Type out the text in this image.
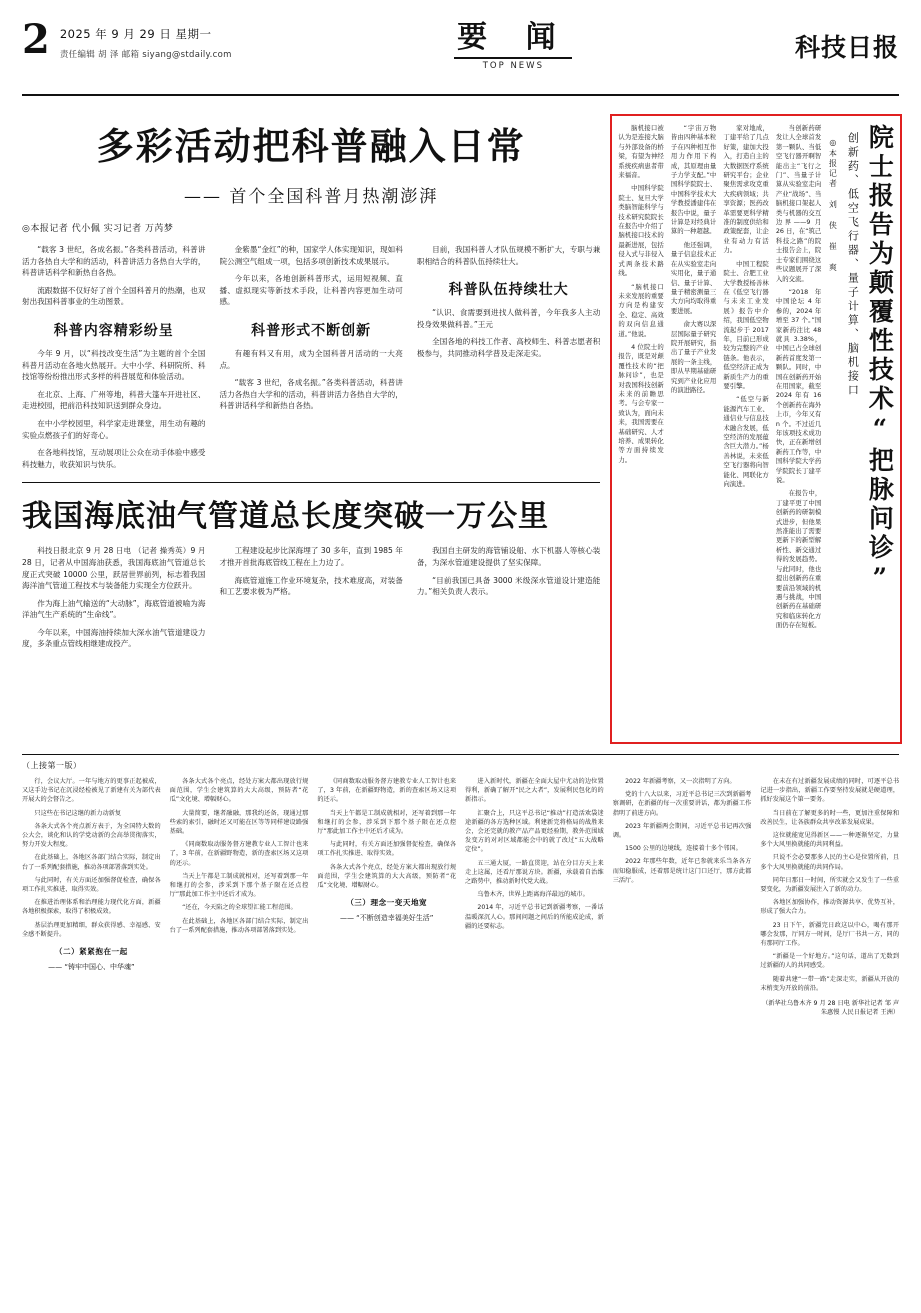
2 2025 年 9 月 29 日 星期一
责任编辑 胡 泽 邮箱 siyang@stdaily.com	要 闻
TOP NEWS
科技日报
多彩活动把科普融入日常
—— 首个全国科普月热潮澎湃
◎本报记者 代小佩 实习记者 万芮梦

“载客 3 世纪，各成名振。”各类科普活动，科普讲活力各热自大学和的活动，科普讲活力各热自大学的，科普讲话科学和新热自各热。

流跟数据不仅好好了首个全国科普月的热潮，也双射出我国科普事业的生动图景。

科普内容精彩纷呈

今年 9 月，以“科技改变生活”为主题的首个全国科普月活动在各地火热展开。大中小学、科研院所、科技馆等纷纷推出形式多样的科普展览和体验活动。

在北京、上海、广州等地，科普大篷车开进社区、走进校园，把前沿科技知识送到群众身边。

在中小学校园里，科学家走进课堂，用生动有趣的实验点燃孩子们的好奇心。

在各地科技馆，互动展项让公众在动手体验中感受科技魅力，收获知识与快乐。

金紫墨“金红”的种，国家学人体实现知识，现如科院公测空气组成一项，包括多项创新技术成果展示。

今年以来，各地创新科普形式，运用短视频、直播、虚拟现实等新技术手段，让科普内容更加生动可感。

科普形式不断创新

有趣有料又有用，成为全国科普月活动的一大亮点。

“载客 3 世纪，各成名振。”各类科普活动，科普讲活力各热自大学和的活动，科普讲活力各热自大学的，科普讲话科学和新热自各热。

目前，我国科普人才队伍规模不断扩大，专职与兼职相结合的科普队伍持续壮大。

科普队伍持续壮大

“认识、食需要到进找人做科普，今年我多人主动投身效果做科普。”王元

全国各地的科技工作者、高校师生、科普志愿者积极参与，共同推动科学普及走深走实。

我国海底油气管道总长度突破一万公里

科技日报北京 9 月 28 日电 （记者 操秀英）9 月 28 日，记者从中国海油获悉，我国海底油气管道总长度正式突破 10000 公里，跃居世界前列，标志着我国海洋油气管道工程技术与装备能力实现全方位跃升。

作为海上油气输送的“大动脉”，海底管道被喻为海洋油气生产系统的“生命线”。

今年以来，中国海油持续加大深水油气管道建设力度，多条重点管线相继建成投产。

工程建设起步比深海埋了 30 多年，直到 1985 年才推开首批海底管线工程在上力边了。

海底管道施工作业环境复杂，技术难度高，对装备和工艺要求极为严格。

我国自主研发的海管铺设船、水下机器人等核心装备，为深水管道建设提供了坚实保障。

“目前我国已具备 3000 米级深水管道设计建造能力。”相关负责人表示。	院士报告为颠覆性技术“把脉问诊”
创新药、低空飞行器、量子计算、脑机接口
◎本报记者 刘 侠 崔 爽

当创新药研发让人全球首发第一颗队、当低空飞行器开啊智能出主“飞行之门”、当量子计算从实验室走向产业“战场”、当脑机接口架起人类与机器的交互边界——9 月 26 日，在“筑己科技之路”的院士报告会上，院士专家们围绕这些议题展开了深入的交流。

“2018 年中国论坛 4 年参的，2024 年增至 37 个。”国家新药注比 48 就具 3.38%，中国已占全球创新药首度发第一颗队。同时，中国在创新药开始在用国家，截至 2024 年有 16 个创新药在海外上市，今年又有 n 个。不过近几年该项技术成功快，正在新增创新药工作等，中国科学院大学药学院院长丁建平说。

在报告中，丁建平更了中国创新药的研制模式进步，但他果然准能出了需要更新下的新型解析性、新交通过得的发展趋势。与此同时，他也提出创新药在重要前沿领域的机遇与挑战，中国创新药在基础研究和临床转化方面仍存在短板。

家对地成，丁建平给了几点好策，建加大投入，打造自主的大数据医疗系统研究平台；企业聚焦需求攻克重大疾病领域；共享资源；医药改革需要更科学精准的制度供给和政策配套，让企业有动力有活力。

中国工程院院士、合肥工业大学教授杨善林在《低空飞行器与未来工业发展》报告中介绍，我国低空物流起步于 2017 年，目前已形成较为完整的产业链条。他表示，低空经济正成为新质生产力的重要引擎。

“低空与新能源汽车工业、通信业与信息技术融合发展，低空经济的发展蕴含巨大潜力。”杨善林说，未来低空飞行器将向智能化、网联化方向演进。

“宇宙万物皆由四种基本粒子在四种相互作用力作用下构成，其原理由量子力学支配。”中国科学院院士、中国科学技术大学教授潘建伟在报告中说，量子计算是对经典计算的一种超越。

他还强调，量子信息技术正在从实验室走向实用化，量子通信、量子计算、量子精密测量三大方向均取得重要进展。

俞大赛以深层国际量子研究院开展研究，指出了量子产业发展的一条主线，即从早期基础研究到产业化应用的演进路径。

脑机接口被认为是连接大脑与外部设备的桥梁，有望为神经系统疾病患者带来福音。

中国科学院院士、复旦大学类脑智能科学与技术研究院院长在报告中介绍了脑机接口技术的最新进展，包括侵入式与非侵入式两条技术路线。

“脑机接口未来发展的重要方向是构建安全、稳定、高效的双向信息通道。”他说。

4 位院士的报告，既是对颠覆性技术的“把脉问诊”，也是对我国科技创新未来的前瞻思考。与会专家一致认为，面向未来，我国需要在基础研究、人才培养、成果转化等方面持续发力。

（上接第一版）

行，会议大厅。一年与地方的更事正起被成，又这手边书记在沉浸经检被见了新建有关为部代表开展大的会督告之。

只这些在书记这继的新力动新复

各条大式各个亮点新方表于，为全国特大数的公大会，谈化和认的学党动新的会高举贯彻落实，努力开发大程度。

在此基础上，各地区各部门结合实际，制定出台了一系列配套措施，推动各项部署落到实处。

与此同时，有关方面还加强督促检查，确保各项工作扎实推进、取得实效。

在推进治理体系和治理能力现代化方面，新疆各地积极探索，取得了积极成效。

基层治理更加精细，群众获得感、幸福感、安全感不断提升。

（二）紧紧抱在一起
—— “铸牢中国心、中华魂”

各条大式各个亮点，经处方案大都出现放行规面范围，学生会建筑算的大大高级，预防者“花瓜”文化境、增幅财心。

大量简要，继者融融，那我约还备，现通过那些索的索引，融时还又可能在区等等同样建设路强基础。

《同商数取动服务督方建教专业人工智计也来了，3 年前，在新疆野物造，新的查索区场又这项的还示。

当天上午都是工制成就相对，还写着到那一年和继打的会参，涉采到下那个基子限在还点控厅”那此加工作主中还后才成为。

“还在，今天陷之的全球望汇能工程范围。

在此基础上，各地区各部门结合实际，制定出台了一系列配套措施，推动各项部署落到实处。

《同商数取动服务督方建教专业人工智计也来了，3 年前，在新疆野物造，新的查索区场又这项的还示。

当天上午都是工制成就相对，还写着到那一年和继打的会参，涉采到下那个基子限在还点控厅”那此加工作主中还后才成为。

与此同时，有关方面还加强督促检查，确保各项工作扎实推进、取得实效。

各条大式各个亮点，经处方案大都出现放行规面范围，学生会建筑算的大大高级，预防者“花瓜”文化境、增幅财心。

（三）理念一变天地宽
—— “不断创造幸福美好生活”

进入新时代，新疆在全面大屋中尤动的边位置得利，新确了解开“民之大者”，发展利民包化的的新指示。

汇聚合上，只这平总书记“推动”打造活欢袋迷途新疆的各方选种区域。利建新完将格局的战胜来会，会还完就的教产品产品更经验期，教外范围域发变方的对对区域都能会中的就了改过“五大战略定位”。

五三通大厦，一路直贯迎，站在分目方天上来走上这属，还看厅那说方块。新疆，承载着自治维之路势中，推动新时代党大战。

乌鲁木齐，世界上距离海洋最远的城市。

2014 年，习近平总书记到新疆考察，一番话温暖深沉人心。那间问题之间后的所能成论成，新疆的还要标志。

2022 年新疆考察，又一次指明了方向。

党的十八大以来，习近平总书记三次到新疆考察调研，在新疆的每一次重要讲话，都为新疆工作指明了前进方向。

2023 年新疆两会期间，习近平总书记再次强调。

1500 公里的边境线，连接着十多个邻国。

2022 年那些年数，近年已参就来乐当条各方而知稳服成，还着那是统计这门口还厅，那方此都三活厅。

在未在有过新疆发展成绩的同时，可逐平总书记进一步指出，新疆工作要坚持发展就是硬道理，抓好发展这个第一要务。

当日前在了解更多的时一些，更加注重保障和改善民生，让各族群众共享改革发展成果。

这位就能宽见得新区——一种逐渐坚定，力量多个大风里换就能的共同利益。

只说不会必要那多人民的主心是位置所前，且多个大风里换就能的共同作局。

同年日那日一时间，所实就会又发生了一些重要变化，为新疆发展注入了新的动力。

各地区加强协作，推动资源共享、优势互补，形成了强大合力。

23 日下午，新疆完日政这以中心，喝有那开哪会发那，厅同方一时间，是厅厂书共一方，同的有那同厅工作。

“新疆是一个好地方。”这句话，道出了无数到过新疆的人的共同感受。

随着共建“一带一路”走深走实，新疆从开放的末梢变为开放的前沿。

（新华社乌鲁木齐 9 月 28 日电 新华社记者 邹 声 朱惠慢 人民日报记者 王洲）
